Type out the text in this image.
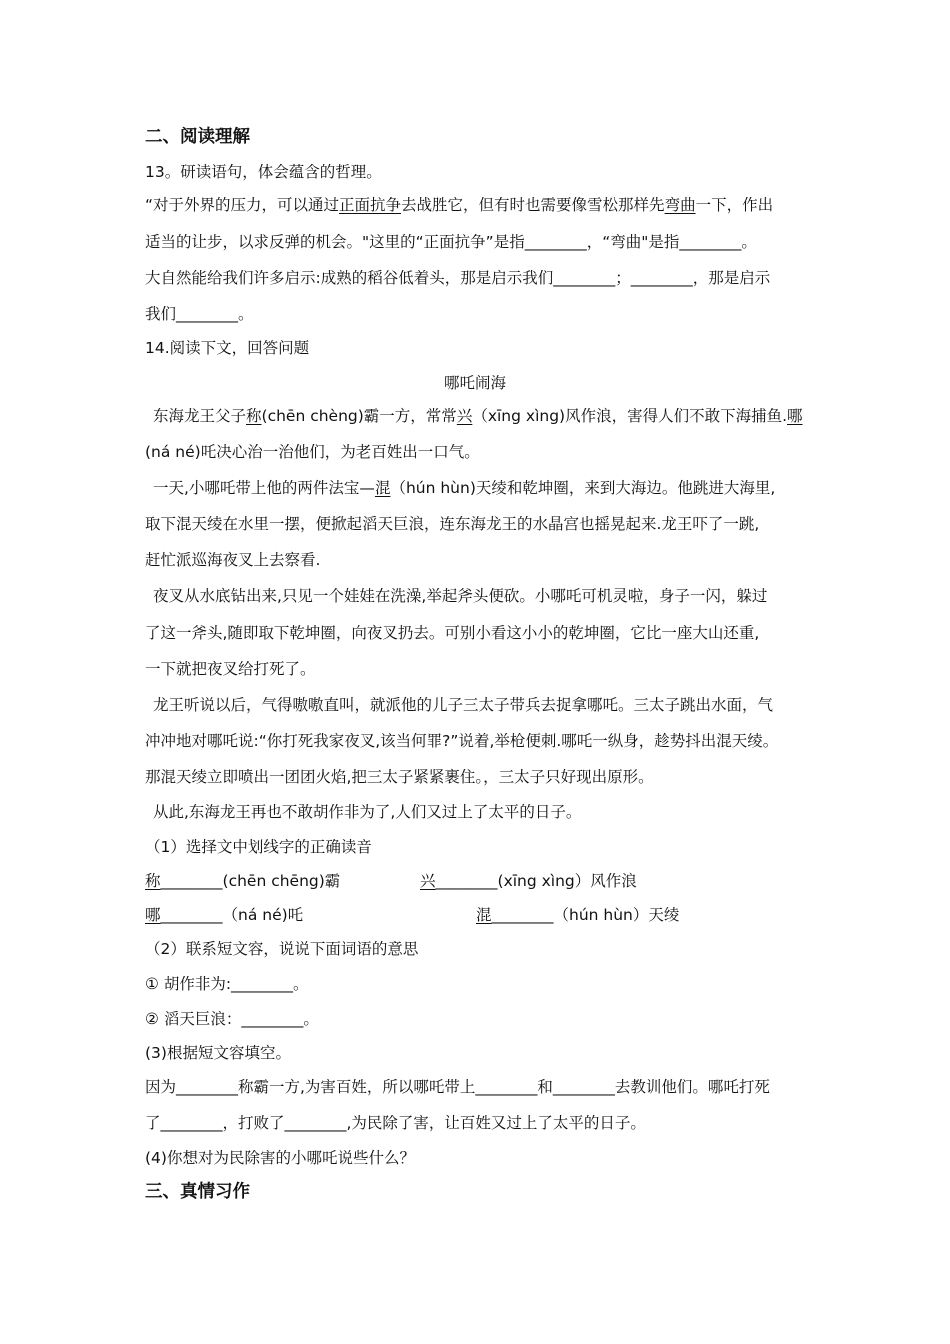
二、阅读理解
13。研读语句，体会蕴含的哲理。
“对于外界的压力，可以通过正面抗争去战胜它，但有时也需要像雪松那样先弯曲一下，作出
适当的让步，以求反弹的机会。"这里的“正面抗争”是指________，“弯曲"是指________。
大自然能给我们许多启示:成熟的稻谷低着头，那是启示我们________；________，那是启示
我们________。
14.阅读下文，回答问题
哪吒闹海
东海龙王父子称(chēn chèng)霸一方，常常兴（xīng xìng)风作浪，害得人们不敢下海捕鱼.哪
(ná né)吒决心治一治他们，为老百姓出一口气。
一天,小哪吒带上他的两件法宝—混（hún hùn)天绫和乾坤圈，来到大海边。他跳进大海里,
取下混天绫在水里一摆，便掀起滔天巨浪，连东海龙王的水晶宫也摇晃起来.龙王吓了一跳,
赶忙派巡海夜叉上去察看.
夜叉从水底钻出来,只见一个娃娃在洗澡,举起斧头便砍。小哪吒可机灵啦，身子一闪，躲过
了这一斧头,随即取下乾坤圈，向夜叉扔去。可别小看这小小的乾坤圈，它比一座大山还重,
一下就把夜叉给打死了。
龙王听说以后，气得嗷嗷直叫，就派他的儿子三太子带兵去捉拿哪吒。三太子跳出水面，气
冲冲地对哪吒说:“你打死我家夜叉,该当何罪?”说着,举枪便刺.哪吒一纵身，趁势抖出混天绫。
那混天绫立即喷出一团团火焰,把三太子紧紧裹住。，三太子只好现出原形。
从此,东海龙王再也不敢胡作非为了,人们又过上了太平的日子。
（1）选择文中划线字的正确读音
称________(chēn chēng)霸	兴________(xīng xìng）风作浪
哪________（ná né)吒	混________（hún hùn）天绫
（2）联系短文容，说说下面词语的意思
① 胡作非为:________。
② 滔天巨浪：________。
(3)根据短文容填空。
因为________称霸一方,为害百姓，所以哪吒带上________和________去教训他们。哪吒打死
了________，打败了________,为民除了害，让百姓又过上了太平的日子。
(4)你想对为民除害的小哪吒说些什么？
三、真情习作
